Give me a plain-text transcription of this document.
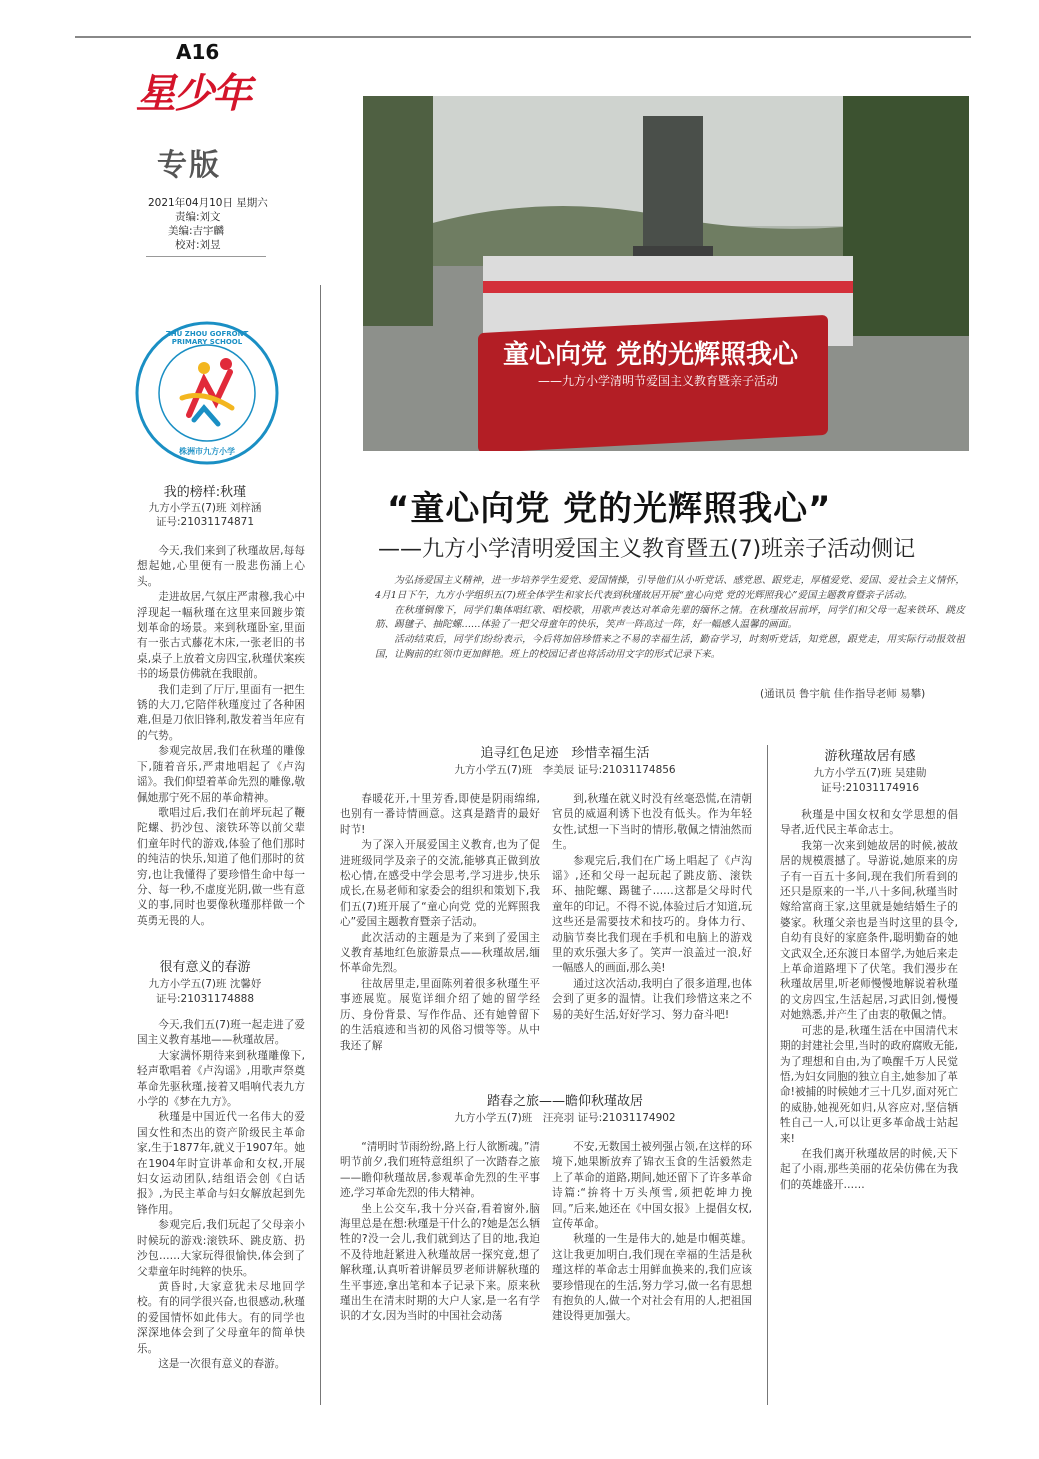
A16
星少年
专版
2021年04月10日 星期六
责编:刘文
美编:吉宇麟
校对:刘昱
ZHU ZHOU GOFRONT PRIMARY SCHOOL
株洲市九方小学
童心向党 党的光辉照我心
——九方小学清明节爱国主义教育暨亲子活动
“童心向党 党的光辉照我心”
——九方小学清明爱国主义教育暨五(7)班亲子活动侧记

为弘扬爱国主义精神，进一步培养学生爱党、爱国情操，引导他们从小听党话、感党恩、跟党走，厚植爱党、爱国、爱社会主义情怀，4月1日下午，九方小学组织五(7)班全体学生和家长代表到秋瑾故居开展“童心向党 党的光辉照我心”爱国主题教育暨亲子活动。

在秋瑾铜像下，同学们集体唱红歌、唱校歌，用歌声表达对革命先辈的缅怀之情。在秋瑾故居前坪，同学们和父母一起来铁环、跳皮筋、踢毽子、抽陀螺……体验了一把父母童年的快乐，笑声一阵高过一阵，好一幅感人温馨的画面。

活动结束后，同学们纷纷表示，今后将加倍珍惜来之不易的幸福生活，勤奋学习，时刻听党话，知党恩，跟党走，用实际行动报效祖国，让胸前的红领巾更加鲜艳。班上的校园记者也将活动用文字的形式记录下来。

(通讯员 鲁宇航 佳作指导老师 易攀)
我的榜样:秋瑾
九方小学五(7)班 刘梓涵
证号:21031174871

今天,我们来到了秋瑾故居,每每想起她,心里便有一股悲伤涌上心头。

走进故居,气氛庄严肃穆,我心中浮现起一幅秋瑾在这里来回踱步策划革命的场景。来到秋瑾卧室,里面有一张古式藤花木床,一张老旧的书桌,桌子上放着文房四宝,秋瑾伏案疾书的场景仿佛就在我眼前。

我们走到了厅厅,里面有一把生锈的大刀,它陪伴秋瑾度过了各种困难,但是刀依旧锋利,散发着当年应有的气势。

参观完故居,我们在秋瑾的雕像下,随着音乐,严肃地唱起了《卢沟谣》。我们仰望着革命先烈的雕像,敬佩她那宁死不屈的革命精神。

歌唱过后,我们在前坪玩起了鞭陀螺、扔沙包、滚铁环等以前父辈们童年时代的游戏,体验了他们那时的纯洁的快乐,知道了他们那时的贫穷,也让我懂得了要珍惜生命中每一分、每一秒,不虚度光阴,做一些有意义的事,同时也要像秋瑾那样做一个英勇无畏的人。

很有意义的春游
九方小学五(7)班 沈馨妤
证号:21031174888

今天,我们五(7)班一起走进了爱国主义教育基地——秋瑾故居。

大家满怀期待来到秋瑾雕像下,轻声歌唱着《卢沟谣》,用歌声祭奠革命先驱秋瑾,接着又唱响代表九方小学的《梦在九方》。

秋瑾是中国近代一名伟大的爱国女性和杰出的资产阶级民主革命家,生于1877年,就义于1907年。她在1904年时宣讲革命和女权,开展妇女运动团队,结组语会创《白话报》,为民主革命与妇女解放起到先锋作用。

参观完后,我们玩起了父母亲小时候玩的游戏:滚铁环、跳皮筋、扔沙包……大家玩得很愉快,体会到了父辈童年时纯粹的快乐。

黄昏时,大家意犹未尽地回学校。有的同学很兴奋,也很感动,秋瑾的爱国情怀如此伟大。有的同学也深深地体会到了父母童年的简单快乐。

这是一次很有意义的春游。

追寻红色足迹　珍惜幸福生活
九方小学五(7)班　李美辰 证号:21031174856

春暖花开,十里芳香,即使是阴雨绵绵,也别有一番诗情画意。这真是踏青的最好时节!

为了深入开展爱国主义教育,也为了促进班级同学及亲子的交流,能够真正做到放松心情,在感受中学会思考,学习进步,快乐成长,在易老师和家委会的组织和策划下,我们五(7)班开展了“童心向党 党的光辉照我心”爱国主题教育暨亲子活动。

此次活动的主题是为了来到了爱国主义教育基地红色旅游景点——秋瑾故居,缅怀革命先烈。

往故居里走,里面陈列着很多秋瑾生平事迹展览。展览详细介绍了她的留学经历、身份背景、写作作品、还有她曾留下的生活痕迹和当初的风俗习惯等等。从中我还了解

到,秋瑾在就义时没有丝毫恐慌,在清朝官员的威逼利诱下也没有低头。作为年轻女性,试想一下当时的情形,敬佩之情油然而生。

参观完后,我们在广场上唱起了《卢沟谣》,还和父母一起玩起了跳皮筋、滚铁环、抽陀螺、踢毽子……这都是父母时代童年的印记。不得不说,体验过后才知道,玩这些还是需要技术和技巧的。身体力行、动脑节奏比我们现在手机和电脑上的游戏里的欢乐强大多了。笑声一浪盖过一浪,好一幅感人的画面,那么美!

通过这次活动,我明白了很多道理,也体会到了更多的温情。让我们珍惜这来之不易的美好生活,好好学习、努力奋斗吧!

踏春之旅——瞻仰秋瑾故居
九方小学五(7)班　汪亮羽 证号:21031174902

“清明时节雨纷纷,路上行人欲断魂。”清明节前夕,我们班特意组织了一次踏春之旅——瞻仰秋瑾故居,参观革命先烈的生平事迹,学习革命先烈的伟大精神。

坐上公交车,我十分兴奋,看着窗外,脑海里总是在想:秋瑾是干什么的?她是怎么牺牲的?没一会儿,我们就到达了目的地,我迫不及待地赶紧进入秋瑾故居一探究竟,想了解秋瑾,认真听着讲解员罗老师讲解秋瑾的生平事迹,拿出笔和本子记录下来。原来秋瑾出生在清末时期的大户人家,是一名有学识的才女,因为当时的中国社会动荡

不安,无数国土被列强占领,在这样的环境下,她果断放弃了锦衣玉食的生活毅然走上了革命的道路,期间,她还留下了许多革命诗篇:“拚将十万头颅雪,须把乾坤力挽回。”后来,她还在《中国女报》上提倡女权,宣传革命。

秋瑾的一生是伟大的,她是巾帼英雄。这让我更加明白,我们现在幸福的生活是秋瑾这样的革命志士用鲜血换来的,我们应该要珍惜现在的生活,努力学习,做一名有思想有抱负的人,做一个对社会有用的人,把祖国建设得更加强大。

游秋瑾故居有感
九方小学五(7)班 吴建勋
证号:21031174916

秋瑾是中国女权和女学思想的倡导者,近代民主革命志士。

我第一次来到她故居的时候,被故居的规模震撼了。导游说,她原来的房子有一百五十多间,现在我们所看到的还只是原来的一半,八十多间,秋瑾当时嫁给富商王家,这里就是她结婚生子的婆家。秋瑾父亲也是当时这里的县令,自幼有良好的家庭条件,聪明勤奋的她文武双全,还东渡日本留学,为她后来走上革命道路埋下了伏笔。我们漫步在秋瑾故居里,听老师慢慢地解说着秋瑾的文房四宝,生活起居,习武旧剑,慢慢对她熟悉,并产生了由衷的敬佩之情。

可悲的是,秋瑾生活在中国清代末期的封建社会里,当时的政府腐败无能,为了理想和自由,为了唤醒千万人民觉悟,为妇女同胞的独立自主,她参加了革命!被捕的时候她才三十几岁,面对死亡的威胁,她视死如归,从容应对,坚信牺牲自己一人,可以让更多革命战士站起来!

在我们离开秋瑾故居的时候,天下起了小雨,那些美丽的花朵仿佛在为我们的英雄盛开……
